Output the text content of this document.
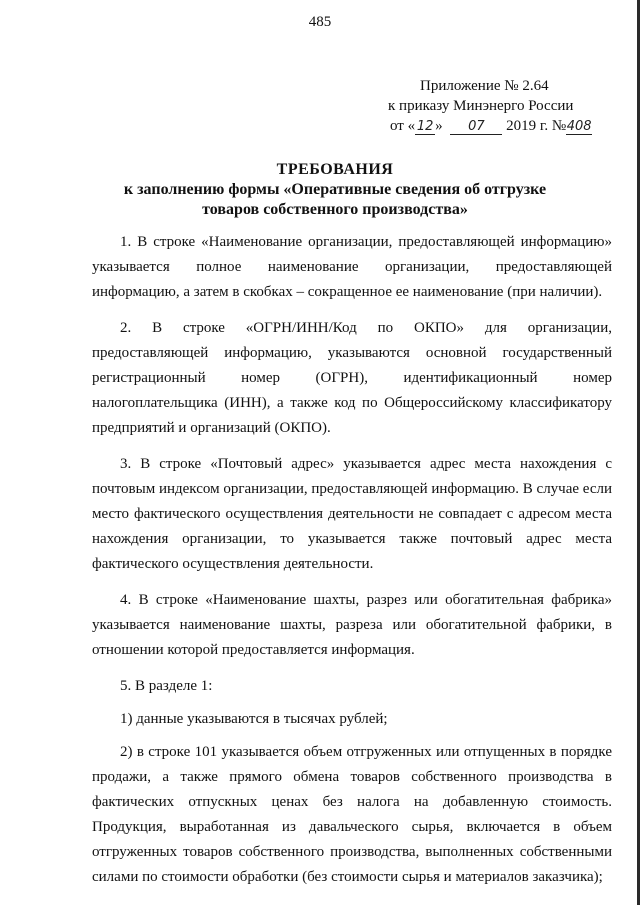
485
Приложение № 2.64
к приказу Минэнерго России
от « 12 » 07 2019 г. №408
ТРЕБОВАНИЯ
к заполнению формы «Оперативные сведения об отгрузке товаров собственного производства»

1. В строке «Наименование организации, предоставляющей информацию» указывается полное наименование организации, предоставляющей информацию, а затем в скобках – сокращенное ее наименование (при наличии).

2. В строке «ОГРН/ИНН/Код по ОКПО» для организации, предоставляющей информацию, указываются основной государственный регистрационный номер (ОГРН), идентификационный номер налогоплательщика (ИНН), а также код по Общероссийскому классификатору предприятий и организаций (ОКПО).

3. В строке «Почтовый адрес» указывается адрес места нахождения с почтовым индексом организации, предоставляющей информацию. В случае если место фактического осуществления деятельности не совпадает с адресом места нахождения организации, то указывается также почтовый адрес места фактического осуществления деятельности.

4. В строке «Наименование шахты, разрез или обогатительная фабрика» указывается наименование шахты, разреза или обогатительной фабрики, в отношении которой предоставляется информация.

5. В разделе 1:

1) данные указываются в тысячах рублей;

2) в строке 101 указывается объем отгруженных или отпущенных в порядке продажи, а также прямого обмена товаров собственного производства в фактических отпускных ценах без налога на добавленную стоимость. Продукция, выработанная из давальческого сырья, включается в объем отгруженных товаров собственного производства, выполненных собственными силами по стоимости обработки (без стоимости сырья и материалов заказчика);
